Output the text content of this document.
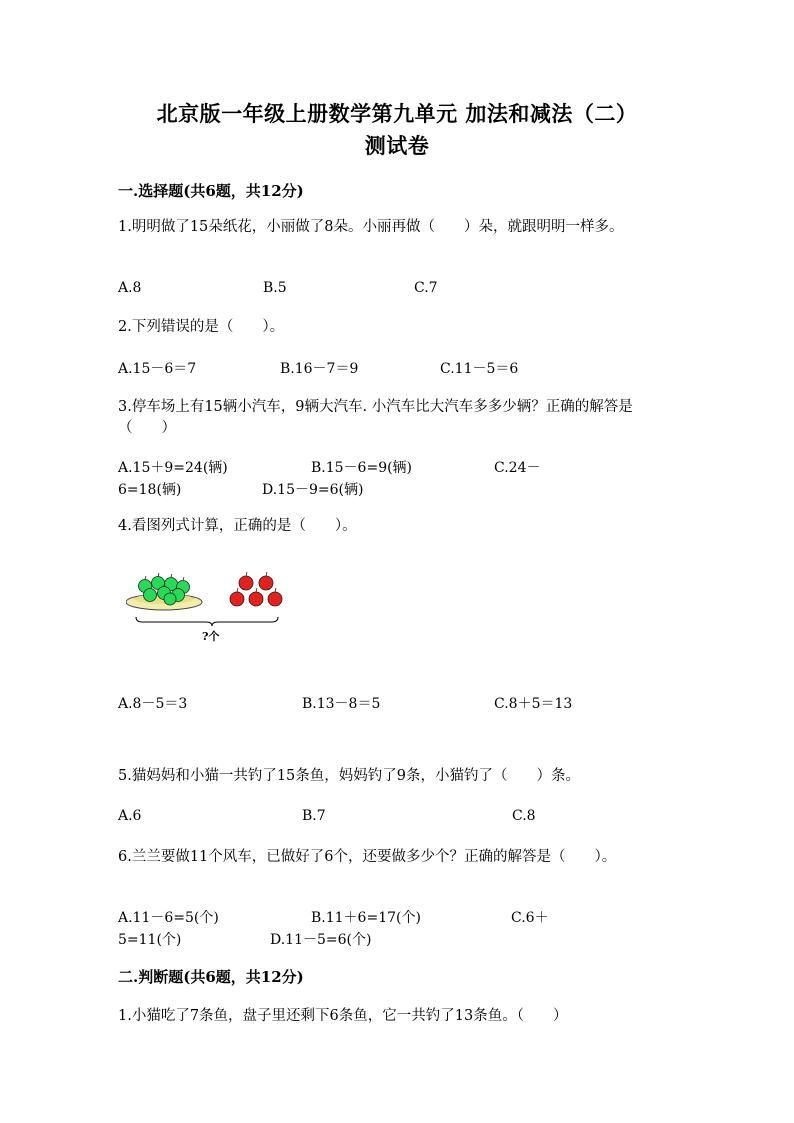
北京版一年级上册数学第九单元 加法和减法（二）
测试卷
一.选择题(共6题，共12分)
1.明明做了15朵纸花，小丽做了8朵。小丽再做（　　）朵，就跟明明一样多。
A.8	B.5	C.7
2.下列错误的是（　　）。
A.15－6＝7	B.16－7＝9	C.11－5＝6
3.停车场上有15辆小汽车，9辆大汽车. 小汽车比大汽车多多少辆？正确的解答是（　　）
A.15＋9=24(辆)	B.15－6=9(辆)	C.24－
6=18(辆)	D.15－9=6(辆)
4.看图列式计算，正确的是（　　）。
?个
A.8－5＝3	B.13－8＝5	C.8＋5＝13
5.猫妈妈和小猫一共钓了15条鱼，妈妈钓了9条，小猫钓了（　　）条。
A.6	B.7	C.8
6.兰兰要做11个风车，已做好了6个，还要做多少个？正确的解答是（　　）。
A.11－6=5(个)	B.11＋6=17(个)	C.6＋
5=11(个)	D.11－5=6(个)
二.判断题(共6题，共12分)
1.小猫吃了7条鱼，盘子里还剩下6条鱼，它一共钓了13条鱼。（　　）
